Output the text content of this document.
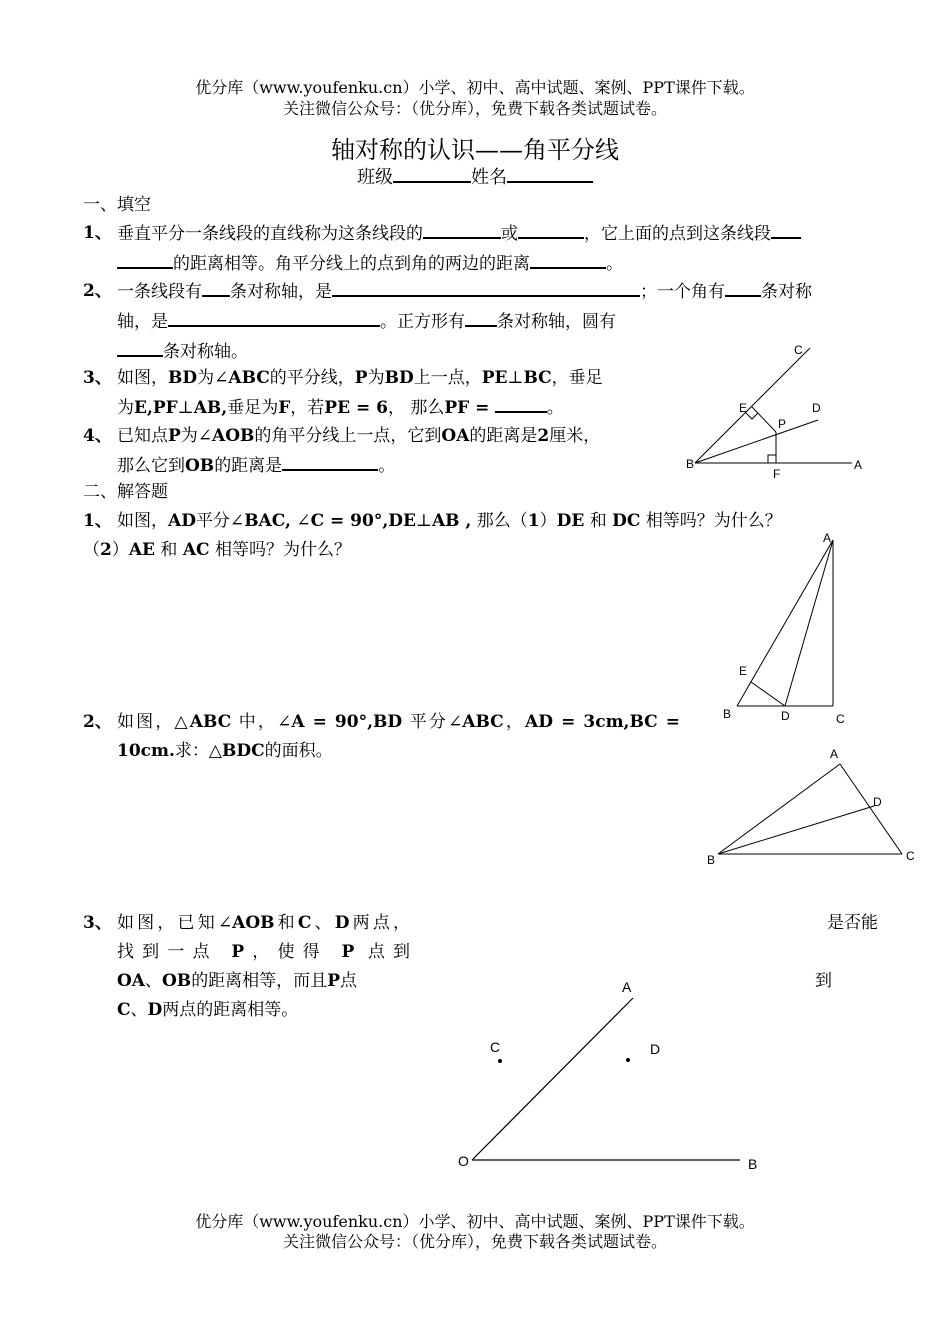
优分库（www.youfenku.cn）小学、初中、高中试题、案例、PPT课件下载。
关注微信公众号：（优分库），免费下载各类试题试卷。
轴对称的认识——角平分线
班级	姓名
一、填空
1、 垂直平分一条线段的直线称为这条线段的	或	，它上面的点到这条线段
的距离相等。角平分线上的点到角的两边的距离	。
2、 一条线段有 条对称轴，是	；一个角有 条对称
轴，是	。正方形有 条对称轴，圆有
条对称轴。
3、 如图，BD为∠ABC的平分线，P为BD上一点，PE⊥BC，垂足
为E,PF⊥AB,垂足为F，若PE = 6， 那么PF =	。
4、 已知点P为∠AOB的角平分线上一点，它到OA的距离是2厘米，
那么它到OB的距离是	。
C
E
P
D
B
F
A
二、解答题
1、 如图，AD平分∠BAC, ∠C = 90°,DE⊥AB , 那么（1）DE 和 DC 相等吗？为什么？
（2）AE 和 AC 相等吗？为什么？
A
E
B	D	C
2、 如图，△ABC 中，∠A = 90°,BD 平分∠ABC，AD = 3cm,BC =
10cm.求：△BDC的面积。	A
D
B	C
3、 如图，已知∠AOB和C、D两点，
找到一点 P，使得 P 点到
OA、OB的距离相等，而且P点
C、D两点的距离相等。
是否能
到
A
C	D
O	B
优分库（www.youfenku.cn）小学、初中、高中试题、案例、PPT课件下载。
关注微信公众号：（优分库），免费下载各类试题试卷。
